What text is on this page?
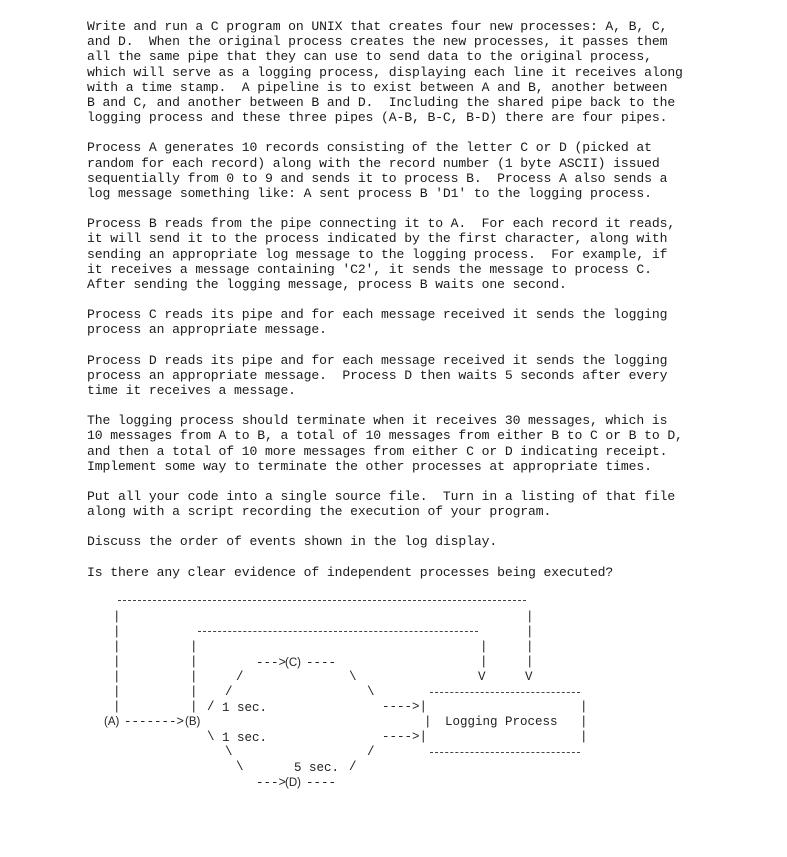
Write and run a C program on UNIX that creates four new processes: A, B, C,
and D.  When the original process creates the new processes, it passes them
all the same pipe that they can use to send data to the original process,
which will serve as a logging process, displaying each line it receives along
with a time stamp.  A pipeline is to exist between A and B, another between
B and C, and another between B and D.  Including the shared pipe back to the
logging process and these three pipes (A-B, B-C, B-D) there are four pipes.
Process A generates 10 records consisting of the letter C or D (picked at
random for each record) along with the record number (1 byte ASCII) issued
sequentially from 0 to 9 and sends it to process B.  Process A also sends a
log message something like: A sent process B 'D1' to the logging process.
Process B reads from the pipe connecting it to A.  For each record it reads,
it will send it to the process indicated by the first character, along with
sending an appropriate log message to the logging process.  For example, if
it receives a message containing 'C2', it sends the message to process C.
After sending the logging message, process B waits one second.
Process C reads its pipe and for each message received it sends the logging
process an appropriate message.
Process D reads its pipe and for each message received it sends the logging
process an appropriate message.  Process D then waits 5 seconds after every
time it receives a message.
The logging process should terminate when it receives 30 messages, which is
10 messages from A to B, a total of 10 messages from either B to C or B to D,
and then a total of 10 more messages from either C or D indicating receipt.
Implement some way to terminate the other processes at appropriate times.
Put all your code into a single source file.  Turn in a listing of that file
along with a script recording the execution of your program.
Discuss the order of events shown in the log display.
Is there any clear evidence of independent processes being executed?
|
|
|
|
|
|
|
|
|
|
|
|
|
|
|
|
|
|
V	V
--->
(C) ----
/
/
/
\
\
1 sec.
(A) -------> (B)
|
|
|
|
---->|
---->|
Logging Process
\ 1 sec.
\
\
/
5 sec. /
--->
(D) ----
